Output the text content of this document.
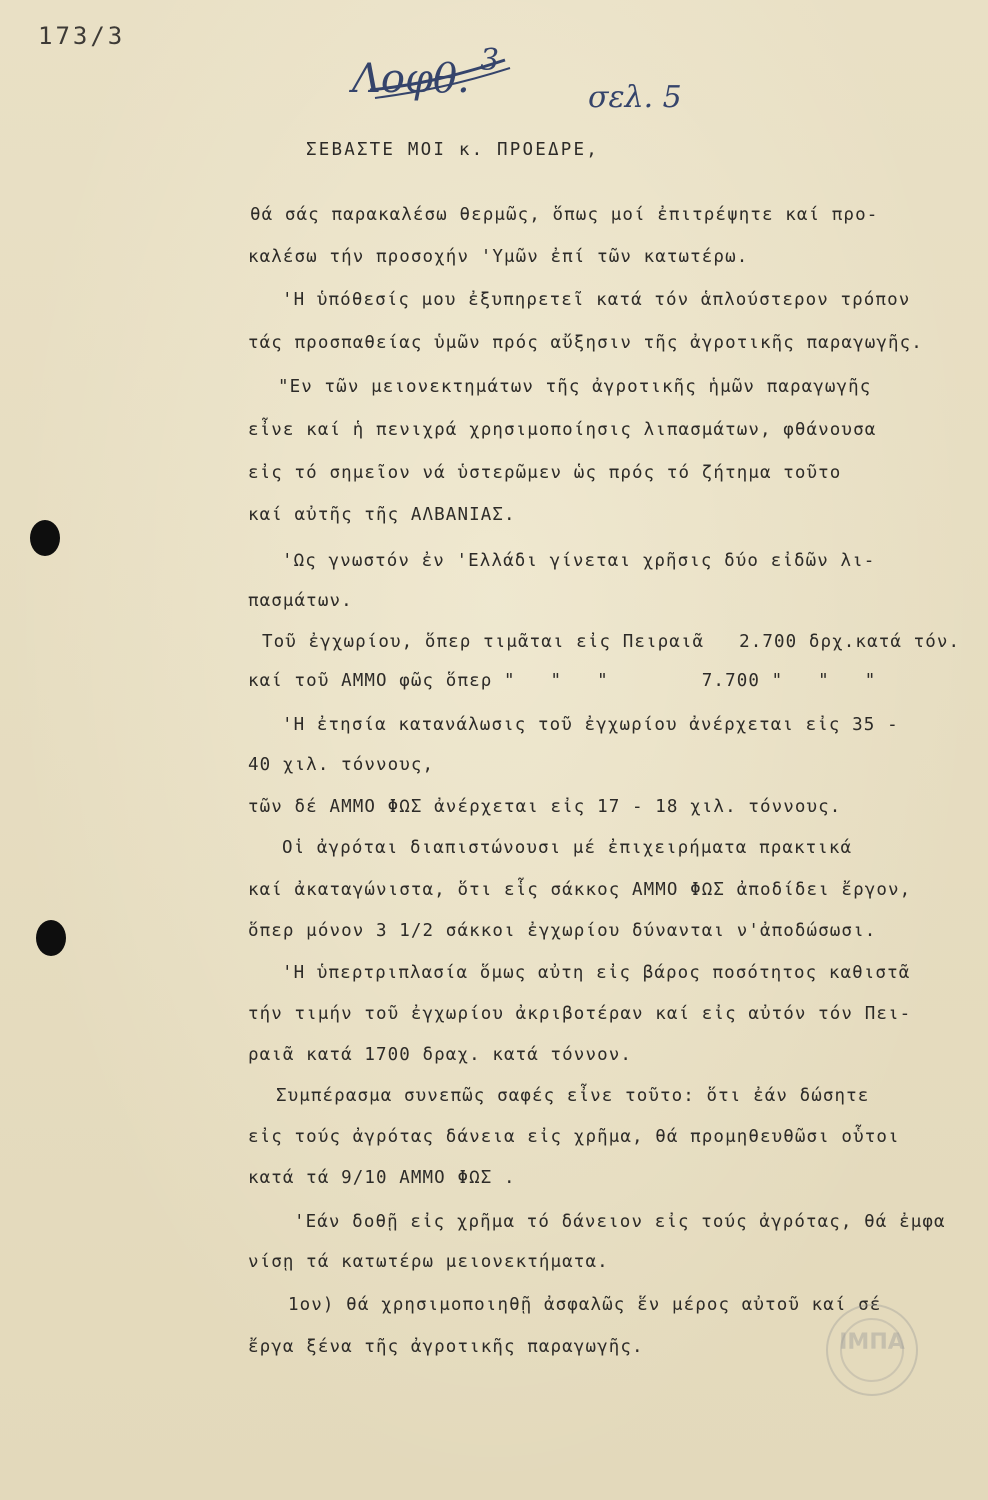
173/3
Λοφθ. 3
σελ. 5
ΣΕΒΑΣΤΕ ΜΟΙ κ. ΠΡΟΕΔΡΕ,
θά σάς παρακαλέσω θερμῶς, ὅπως μοί ἐπιτρέψητε καί προ-
καλέσω τήν προσοχήν 'Υμῶν ἐπί τῶν κατωτέρω.
'Η ὑπόθεσίς μου ἐξυπηρετεῖ κατά τόν ἁπλούστερον τρόπον
τάς προσπαθείας ὑμῶν πρός αὔξησιν τῆς ἀγροτικῆς παραγωγῆς.
"Εν τῶν μειονεκτημάτων τῆς ἀγροτικῆς ἡμῶν παραγωγῆς
εἶνε καί ἡ πενιχρά χρησιμοποίησις λιπασμάτων, φθάνουσα
εἰς τό σημεῖον νά ὑστερῶμεν ὡς πρός τό ζήτημα τοῦτο
καί αὐτῆς τῆς ΑΛΒΑΝΙΑΣ.
'Ως γνωστόν ἐν 'Ελλάδι γίνεται χρῆσις δύο εἰδῶν λι-
πασμάτων.
Τοῦ ἐγχωρίου, ὅπερ τιμᾶται εἰς Πειραιᾶ   2.700 δρχ.κατά τόν.
καί τοῦ ΑΜΜΟ φῶς ὅπερ "   "   "        7.700 "   "   "
'Η ἐτησία κατανάλωσις τοῦ ἐγχωρίου ἀνέρχεται εἰς 35 -
40 χιλ. τόννους,
τῶν δέ ΑΜΜΟ ΦΩΣ ἀνέρχεται εἰς 17 - 18 χιλ. τόννους.
Οἱ ἀγρόται διαπιστώνουσι μέ ἐπιχειρήματα πρακτικά
καί ἀκαταγώνιστα, ὅτι εἷς σάκκος ΑΜΜΟ ΦΩΣ ἀποδίδει ἔργον,
ὅπερ μόνον 3 1/2 σάκκοι ἐγχωρίου δύνανται ν'ἀποδώσωσι.
'Η ὑπερτριπλασία ὅμως αὐτη εἰς βάρος ποσότητος καθιστᾶ
τήν τιμήν τοῦ ἐγχωρίου ἀκριβοτέραν καί εἰς αὐτόν τόν Πει-
ραιᾶ κατά 1700 δραχ. κατά τόννον.
Συμπέρασμα συνεπῶς σαφές εἶνε τοῦτο: ὅτι ἐάν δώσητε
εἰς τούς ἀγρότας δάνεια εἰς χρῆμα, θά προμηθευθῶσι οὗτοι
κατά τά 9/10 ΑΜΜΟ ΦΩΣ .
'Εάν δοθῇ εἰς χρῆμα τό δάνειον εἰς τούς ἀγρότας, θά ἐμφα
νίσῃ τά κατωτέρω μειονεκτήματα.
1ον) θά χρησιμοποιηθῇ ἀσφαλῶς ἕν μέρος αὐτοῦ καί σέ
ἔργα ξένα τῆς ἀγροτικῆς παραγωγῆς.	ΙΜΠΑ
